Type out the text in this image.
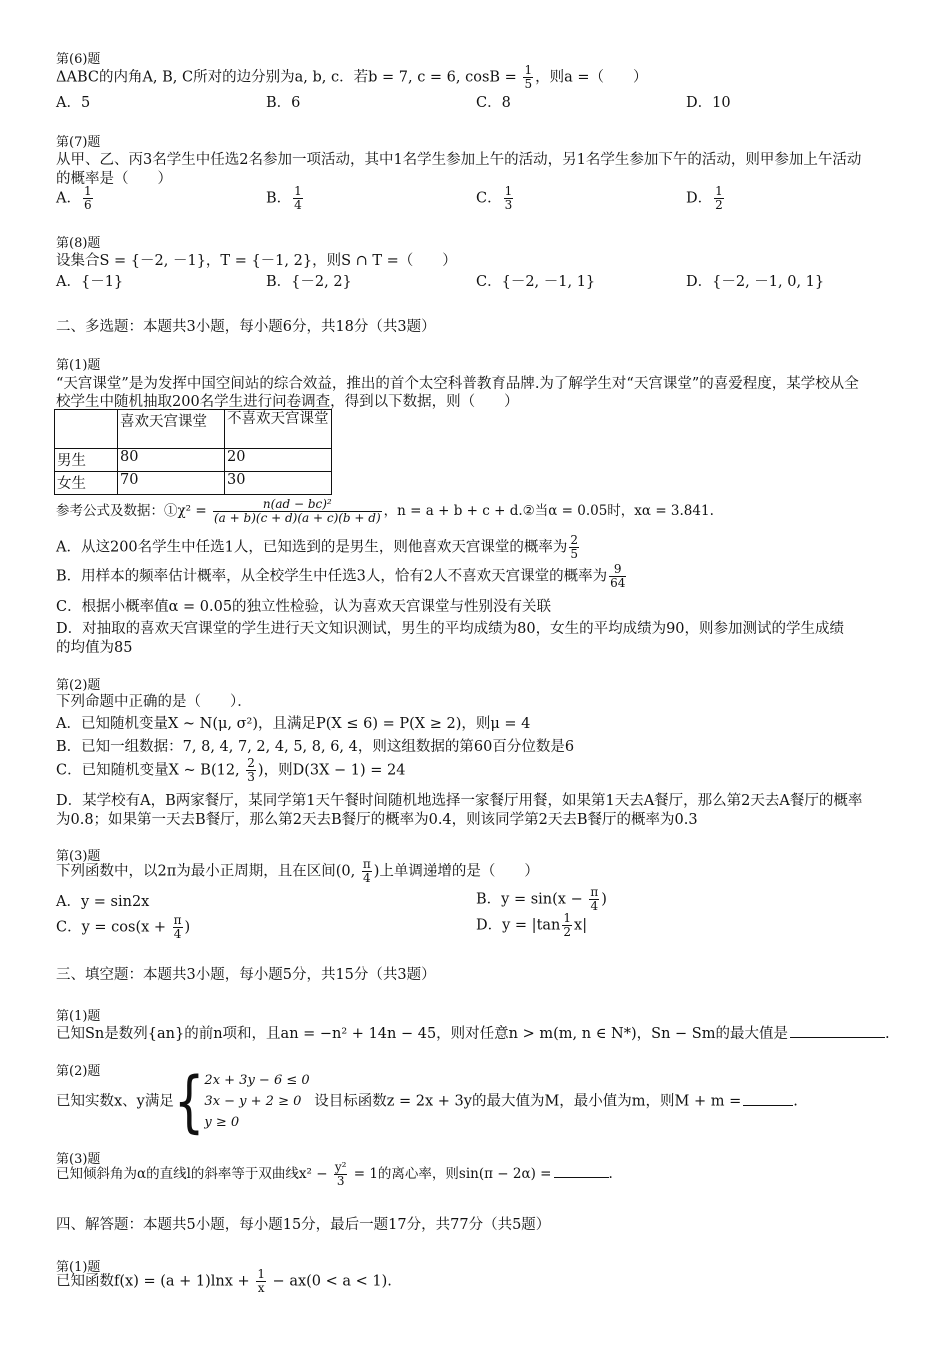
第(6)题
ΔABC的内角A, B, C所对的边分别为a, b, c．若b = 7, c = 6, $\cos B = \frac{1}{5}$ ，则a =（　　）
A．5	B．6	C．8	D．10
第(7)题
从甲、乙、丙3名学生中任选2名参加一项活动，其中1名学生参加上午的活动，另1名学生参加下午的活动，则甲参加上午活动
的概率是（　　）
A． $\frac{1}{6}$	B． $\frac{1}{4}$	C． $\frac{1}{3}$	D． $\frac{1}{2}$
第(8)题
设集合S = {－2, －1}，T = {－1, 2}，则S ∩ T =（　　）
A．{－1}	B．{－2, 2}	C．{－2, －1, 1}	D．{－2, －1, 0, 1}
二、多选题：本题共3小题，每小题6分，共18分（共3题）
第(1)题
“天宫课堂”是为发挥中国空间站的综合效益，推出的首个太空科普教育品牌.为了解学生对“天宫课堂”的喜爱程度，某学校从全
校学生中随机抽取200名学生进行问卷调查，得到以下数据，则（　　）
	喜欢天宫课堂	不喜欢天宫课堂
男生	80	20
女生	70	30
参考公式及数据：①χ² = $\frac{\text{n(ad − bc)²}}{(a + b)(c + d)(a + c)(b + d)}$ ，n = a + b + c + d.②当α = 0.05时，xα = 3.841.
A．从这200名学生中任选1人，已知选到的是男生，则他喜欢天宫课堂的概率为 $\frac{2}{5}$
B．用样本的频率估计概率，从全校学生中任选3人，恰有2人不喜欢天宫课堂的概率为 $\frac{9}{64}$
C．根据小概率值α = 0.05的独立性检验，认为喜欢天宫课堂与性别没有关联
D．对抽取的喜欢天宫课堂的学生进行天文知识测试，男生的平均成绩为80，女生的平均成绩为90，则参加测试的学生成绩
的均值为85
第(2)题
下列命题中正确的是（　　）．
A．已知随机变量X ~ N(μ, σ²)，且满足P(X ≤ 6) = P(X ≥ 2)，则μ = 4
B．已知一组数据：7, 8, 4, 7, 2, 4, 5, 8, 6, 4，则这组数据的第60百分位数是6
C．已知随机变量X ~ B(12, $\frac{2}{3}$ )，则D(3X − 1) = 24
D．某学校有A，B两家餐厅，某同学第1天午餐时间随机地选择一家餐厅用餐，如果第1天去A餐厅，那么第2天去A餐厅的概率
为0.8；如果第一天去B餐厅，那么第2天去B餐厅的概率为0.4，则该同学第2天去B餐厅的概率为0.3
第(3)题
下列函数中，以2π为最小正周期，且在区间(0, $\frac{\pi}{4}$ )上单调递增的是（　　）
A．y = sin2x	B．$y = \sin(x - \frac{\pi}{4}$ )
C．$y = \cos(x + \frac{\pi}{4}$ )	D．$y = |\tan \frac{1}{2} x|$
三、填空题：本题共3小题，每小题5分，共15分（共3题）
第(1)题
已知Sn是数列{an}的前n项和，且an = −n² + 14n − 45，则对任意n > m(m, n ∈ N*)，Sn − Sm的最大值是	.
第(2)题
已知实数x、y满足{ 2x + 3y − 6 ≤ 0
3x − y + 2 ≥ 0
y ≥ 0
设目标函数z = 2x + 3y的最大值为M，最小值为m，则M + m =	.
第(3)题
已知倾斜角为α的直线l的斜率等于双曲线$x^2 - \frac{\text{y²}}{3} = 1$的离心率，则sin(π − 2α) =	.
四、解答题：本题共5小题，每小题15分，最后一题17分，共77分（共5题）
第(1)题
已知函数$f(x) = (a + 1)\ln x + \frac{1}{x} - ax(0 < a < 1)$.
